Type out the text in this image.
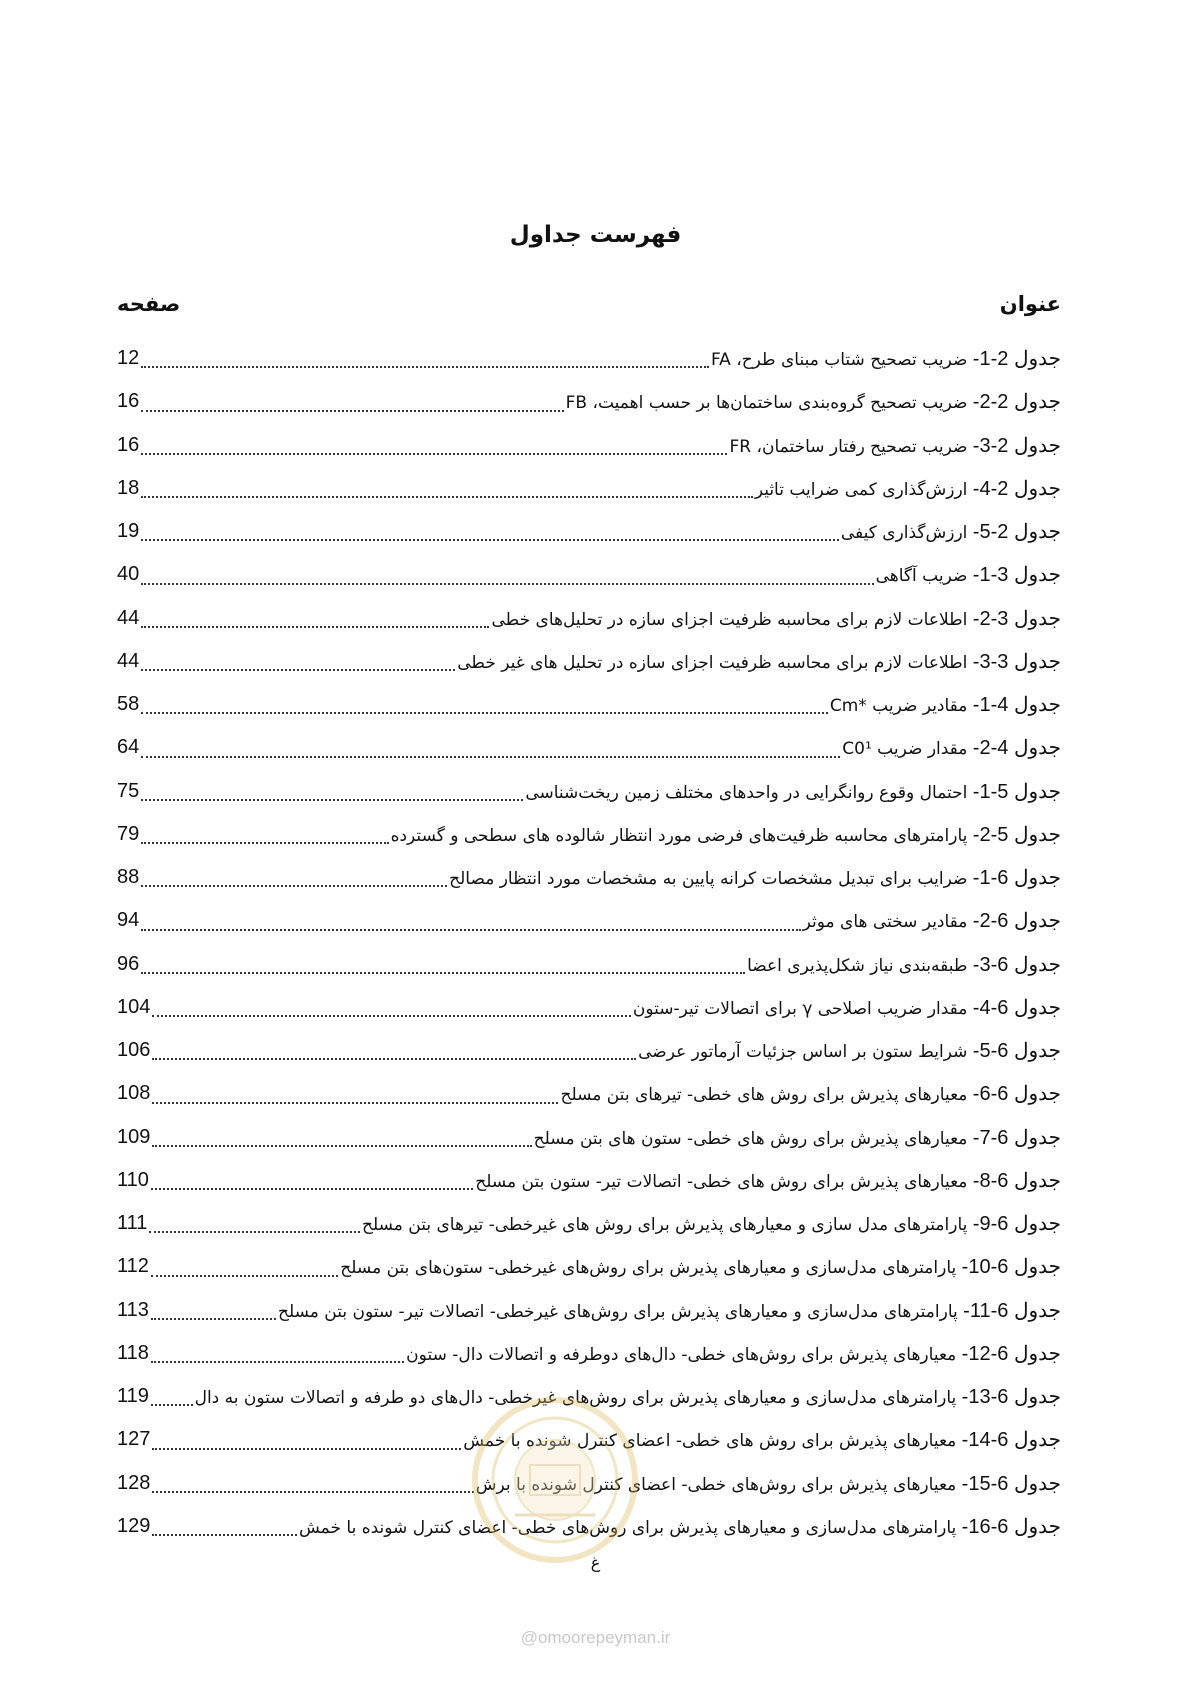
فهرست جداول
عنوان
صفحه
جدول 2-1- ضریب تصحیح شتاب مبنای طرح، FA
12
جدول 2-2- ضریب تصحیح گروه‌بندی ساختمان‌ها بر حسب اهمیت، FB
16
جدول 2-3- ضریب تصحیح رفتار ساختمان، FR
16
جدول 2-4- ارزش‌گذاری کمی ضرایب تاثیر
18
جدول 2-5- ارزش‌گذاری کیفی
19
جدول 3-1- ضریب آگاهی
40
جدول 3-2- اطلاعات لازم برای محاسبه ظرفیت اجزای سازه در تحلیل‌های خطی
44
جدول 3-3- اطلاعات لازم برای محاسبه ظرفیت اجزای سازه در تحلیل های غیر خطی
44
جدول 4-1- مقادیر ضریب *Cm
58
جدول 4-2- مقدار ضریب C0¹
64
جدول 5-1- احتمال وقوع روانگرایی در واحدهای مختلف زمین ریخت‌شناسی
75
جدول 5-2- پارامترهای محاسبه ظرفیت‌های فرضی مورد انتظار شالوده های سطحی و گسترده
79
جدول 6-1- ضرایب برای تبدیل مشخصات کرانه پایین به مشخصات مورد انتظار مصالح
88
جدول 6-2- مقادیر سختی های موثر
94
جدول 6-3- طبقه‌بندی نیاز شکل‌پذیری اعضا
96
جدول 6-4- مقدار ضریب اصلاحی γ برای اتصالات تیر-ستون
104
جدول 6-5- شرایط ستون بر اساس جزئیات آرماتور عرضی
106
جدول 6-6- معیارهای پذیرش برای روش های خطی- تیرهای بتن مسلح
108
جدول 6-7- معیارهای پذیرش برای روش های خطی- ستون های بتن مسلح
109
جدول 6-8- معیارهای پذیرش برای روش های خطی- اتصالات تیر- ستون بتن مسلح
110
جدول 6-9- پارامترهای مدل سازی و معیارهای پذیرش برای روش های غیرخطی- تیرهای بتن مسلح
111
جدول 6-10- پارامترهای مدل‌سازی و معیارهای پذیرش برای روش‌های غیرخطی- ستون‌های بتن مسلح
112
جدول 6-11- پارامترهای مدل‌سازی و معیارهای پذیرش برای روش‌های غیرخطی- اتصالات تیر- ستون بتن مسلح
113
جدول 6-12- معیارهای پذیرش برای روش‌های خطی- دال‌های دوطرفه و اتصالات دال- ستون
118
جدول 6-13- پارامترهای مدل‌سازی و معیارهای پذیرش برای روش‌های غیرخطی- دال‌های دو طرفه و اتصالات ستون به دال
119
جدول 6-14- معیارهای پذیرش برای روش های خطی- اعضای کنترل شونده با خمش
127
جدول 6-15- معیارهای پذیرش برای روش‌های خطی- اعضای کنترل شونده با برش
128
جدول 6-16- پارامترهای مدل‌سازی و معیارهای پذیرش برای روش‌های خطی- اعضای کنترل شونده با خمش
129
غ
@omoorepeyman.ir
